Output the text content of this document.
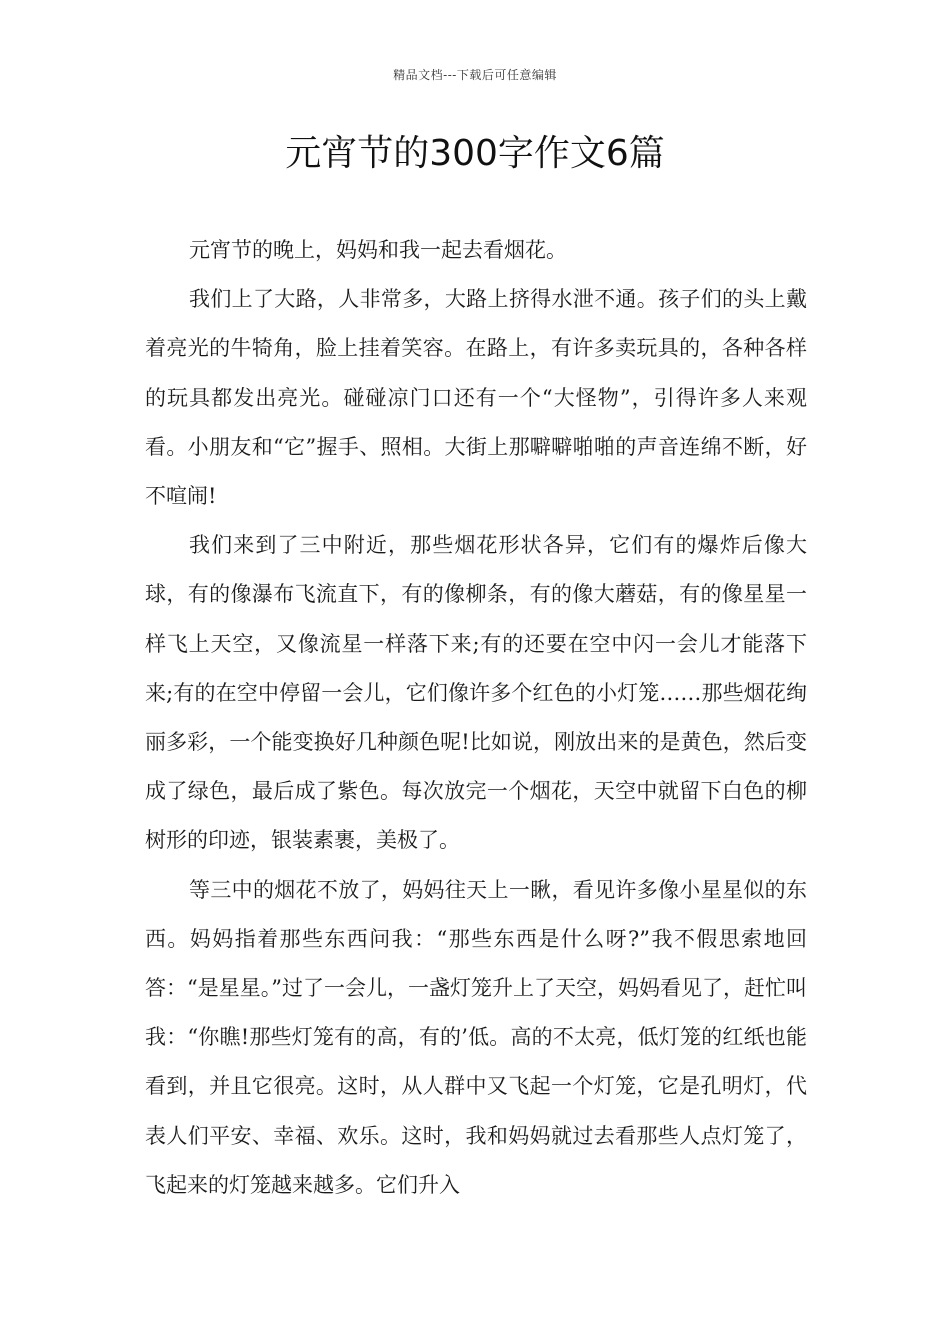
精品文档---下载后可任意编辑
元宵节的300字作文6篇

元宵节的晚上，妈妈和我一起去看烟花。

我们上了大路，人非常多，大路上挤得水泄不通。孩子们的头上戴着亮光的牛犄角，脸上挂着笑容。在路上，有许多卖玩具的，各种各样的玩具都发出亮光。碰碰凉门口还有一个“大怪物”，引得许多人来观看。小朋友和“它”握手、照相。大街上那噼噼啪啪的声音连绵不断，好不喧闹!

我们来到了三中附近，那些烟花形状各异，它们有的爆炸后像大球，有的像瀑布飞流直下，有的像柳条，有的像大蘑菇，有的像星星一样飞上天空，又像流星一样落下来;有的还要在空中闪一会儿才能落下来;有的在空中停留一会儿，它们像许多个红色的小灯笼……那些烟花绚丽多彩，一个能变换好几种颜色呢!比如说，刚放出来的是黄色，然后变成了绿色，最后成了紫色。每次放完一个烟花，天空中就留下白色的柳树形的印迹，银装素裹，美极了。

等三中的烟花不放了，妈妈往天上一瞅，看见许多像小星星似的东西。妈妈指着那些东西问我：“那些东西是什么呀?”我不假思索地回答：“是星星。”过了一会儿，一盏灯笼升上了天空，妈妈看见了，赶忙叫我：“你瞧!那些灯笼有的高，有的’低。高的不太亮，低灯笼的红纸也能看到，并且它很亮。这时，从人群中又飞起一个灯笼，它是孔明灯，代表人们平安、幸福、欢乐。这时，我和妈妈就过去看那些人点灯笼了，飞起来的灯笼越来越多。它们升入
